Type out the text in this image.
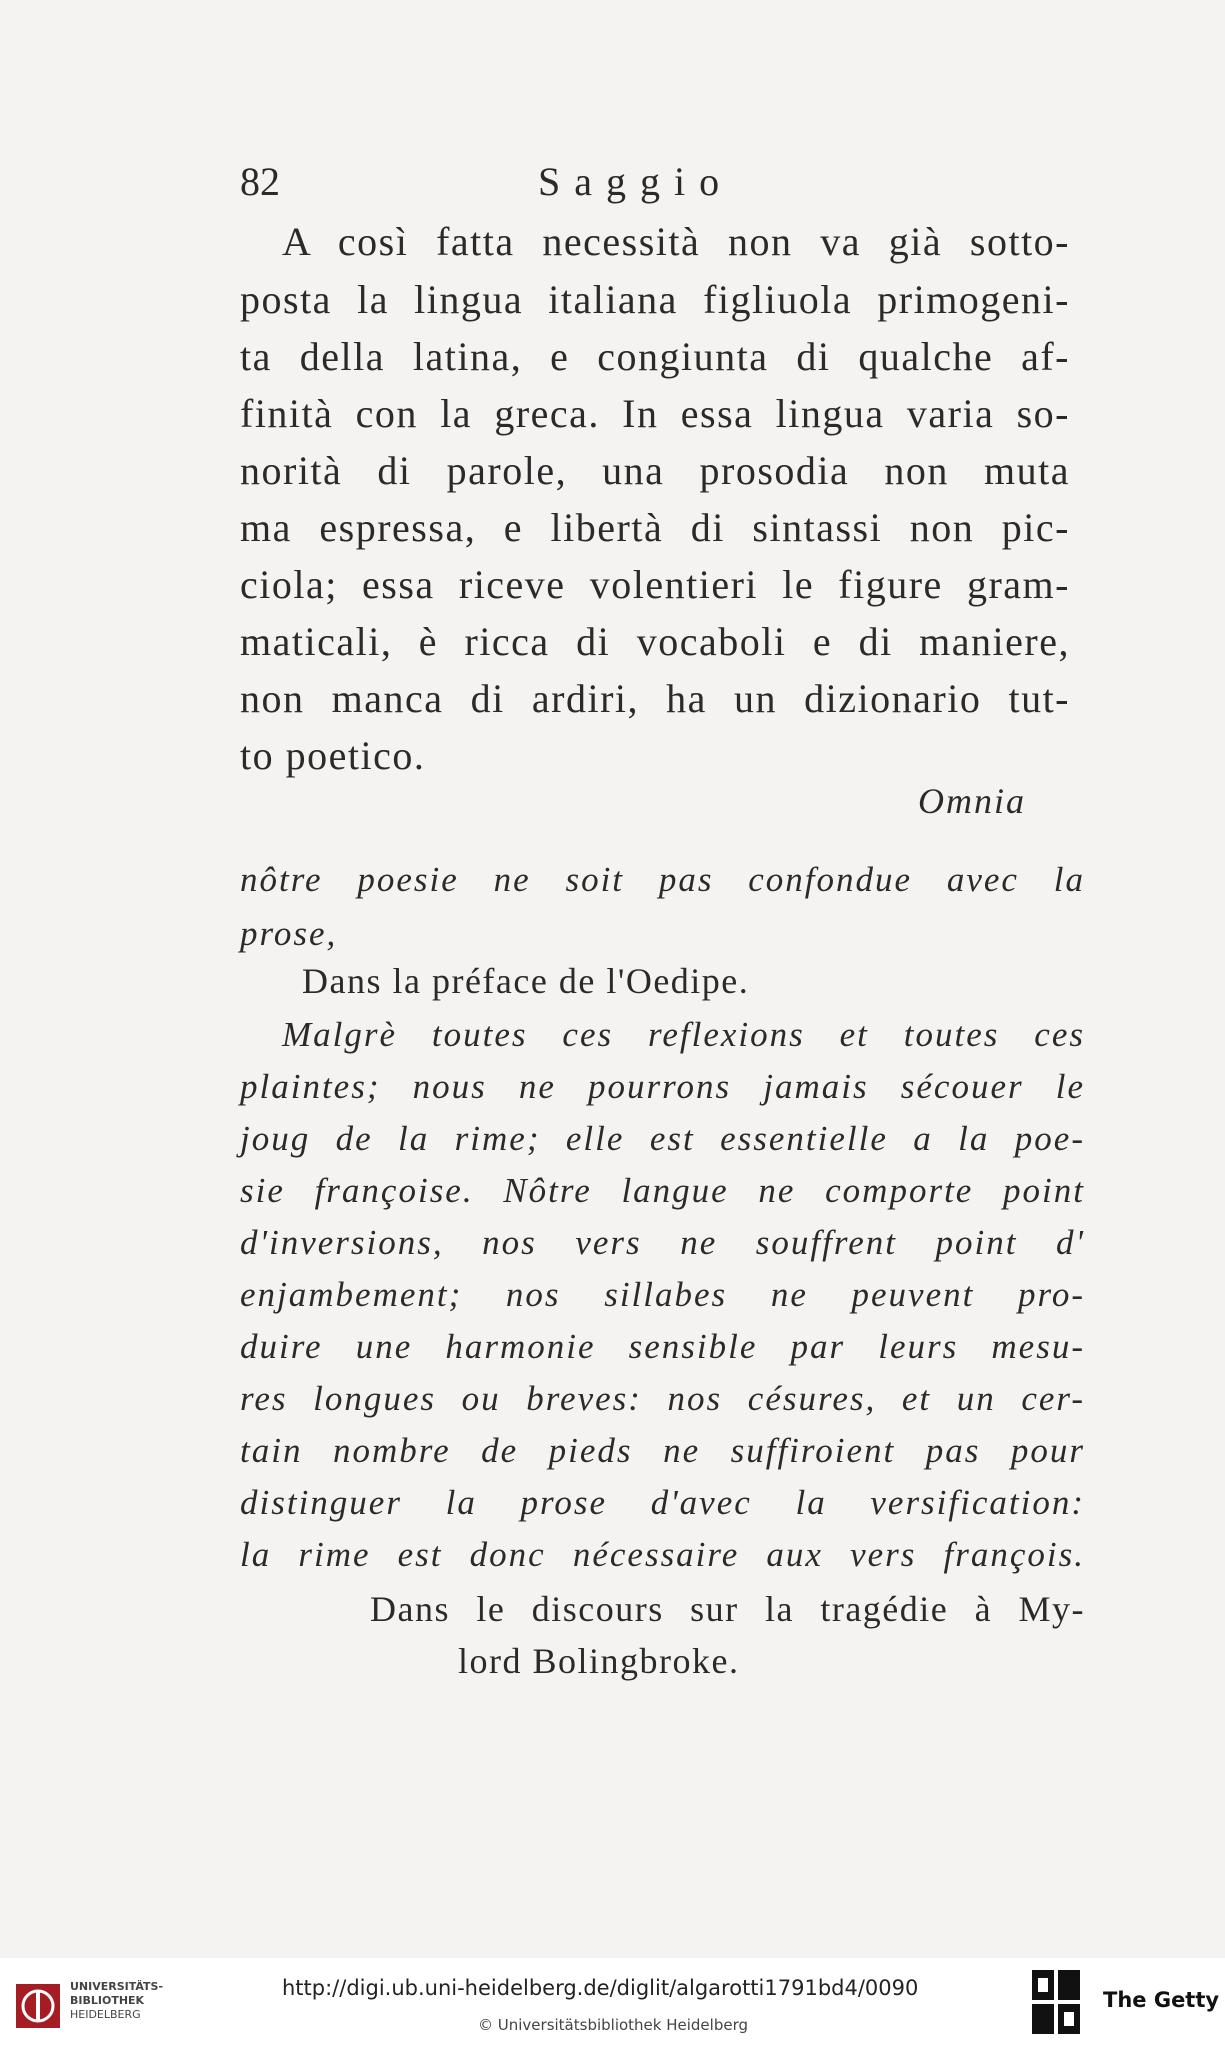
82	Saggio
A così fatta necessità non va già sotto-
posta la lingua italiana figliuola primogeni-
ta della latina, e congiunta di qualche af-
finità con la greca. In essa lingua varia so-
norità di parole, una prosodia non muta
ma espressa, e libertà di sintassi non pic-
ciola; essa riceve volentieri le figure gram-
maticali, è ricca di vocaboli e di maniere,
non manca di ardiri, ha un dizionario tut-
to poetico.
Omnia
nôtre poesie ne soit pas confondue avec la
prose,
Dans la préface de l'Oedipe.
Malgrè toutes ces reflexions et toutes ces
plaintes; nous ne pourrons jamais sécouer le
joug de la rime; elle est essentielle a la poe-
sie françoise. Nôtre langue ne comporte point
d'inversions, nos vers ne souffrent point d'
enjambement; nos sillabes ne peuvent pro-
duire une harmonie sensible par leurs mesu-
res longues ou breves: nos césures, et un cer-
tain nombre de pieds ne suffiroient pas pour
distinguer la prose d'avec la versification:
la rime est donc nécessaire aux vers françois.
Dans le discours sur la tragédie à My-
lord Bolingbroke.
UNIVERSITÄTS-
BIBLIOTHEK
HEIDELBERG
http://digi.ub.uni-heidelberg.de/diglit/algarotti1791bd4/0090
© Universitätsbibliothek Heidelberg
The Getty
